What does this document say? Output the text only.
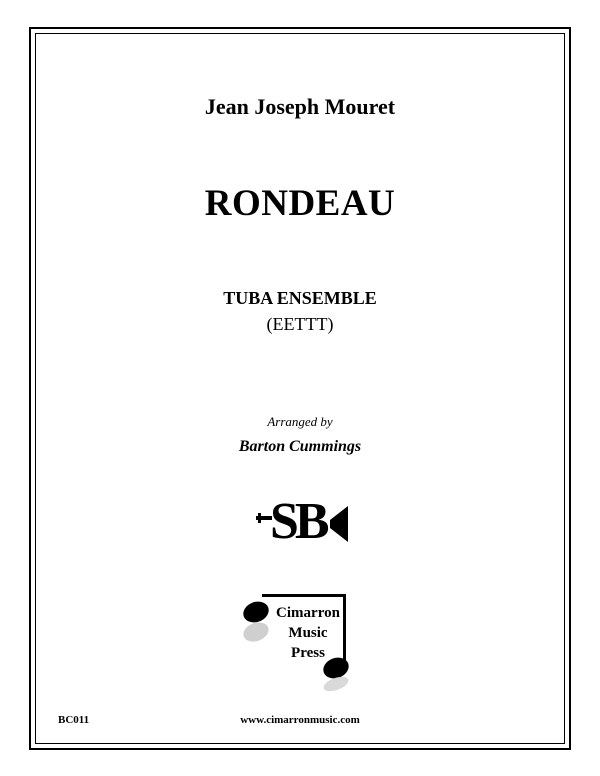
Jean Joseph Mouret
RONDEAU
TUBA ENSEMBLE
(EETTT)
Arranged by
Barton Cummings
SB
Cimarron
Music
Press
BC011	www.cimarronmusic.com
